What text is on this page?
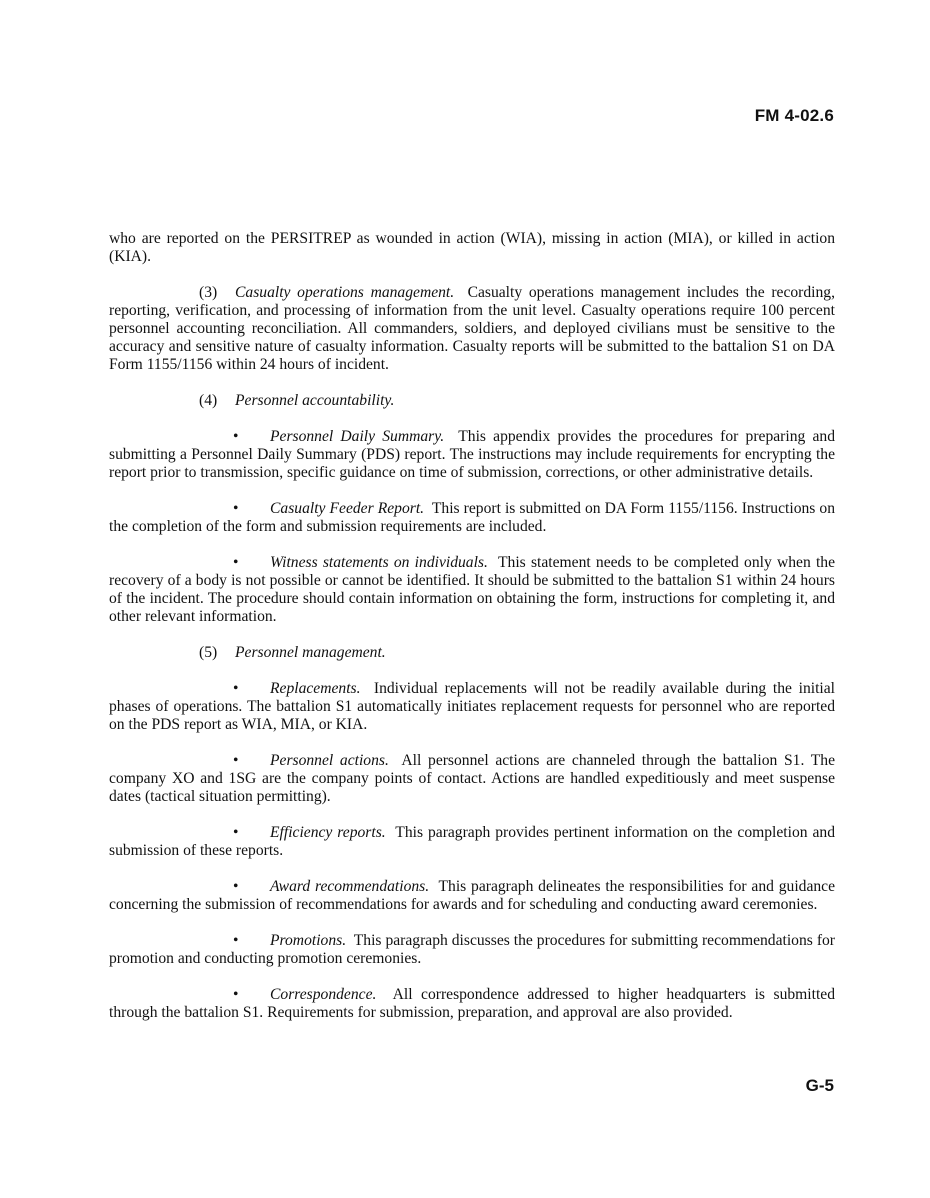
FM 4-02.6

who are reported on the PERSITREP as wounded in action (WIA), missing in action (MIA), or killed in action (KIA).

(3) Casualty operations management. Casualty operations management includes the recording, reporting, verification, and processing of information from the unit level. Casualty operations require 100 percent personnel accounting reconciliation. All commanders, soldiers, and deployed civilians must be sensitive to the accuracy and sensitive nature of casualty information. Casualty reports will be submitted to the battalion S1 on DA Form 1155/1156 within 24 hours of incident.

(4) Personnel accountability.

• Personnel Daily Summary. This appendix provides the procedures for preparing and submitting a Personnel Daily Summary (PDS) report. The instructions may include requirements for encrypting the report prior to transmission, specific guidance on time of submission, corrections, or other administrative details.

• Casualty Feeder Report. This report is submitted on DA Form 1155/1156. Instructions on the completion of the form and submission requirements are included.

• Witness statements on individuals. This statement needs to be completed only when the recovery of a body is not possible or cannot be identified. It should be submitted to the battalion S1 within 24 hours of the incident. The procedure should contain information on obtaining the form, instructions for completing it, and other relevant information.

(5) Personnel management.

• Replacements. Individual replacements will not be readily available during the initial phases of operations. The battalion S1 automatically initiates replacement requests for personnel who are reported on the PDS report as WIA, MIA, or KIA.

• Personnel actions. All personnel actions are channeled through the battalion S1. The company XO and 1SG are the company points of contact. Actions are handled expeditiously and meet suspense dates (tactical situation permitting).

• Efficiency reports. This paragraph provides pertinent information on the completion and submission of these reports.

• Award recommendations. This paragraph delineates the responsibilities for and guidance concerning the submission of recommendations for awards and for scheduling and conducting award ceremonies.

• Promotions. This paragraph discusses the procedures for submitting recommendations for promotion and conducting promotion ceremonies.

• Correspondence. All correspondence addressed to higher headquarters is submitted through the battalion S1. Requirements for submission, preparation, and approval are also provided.

G-5
